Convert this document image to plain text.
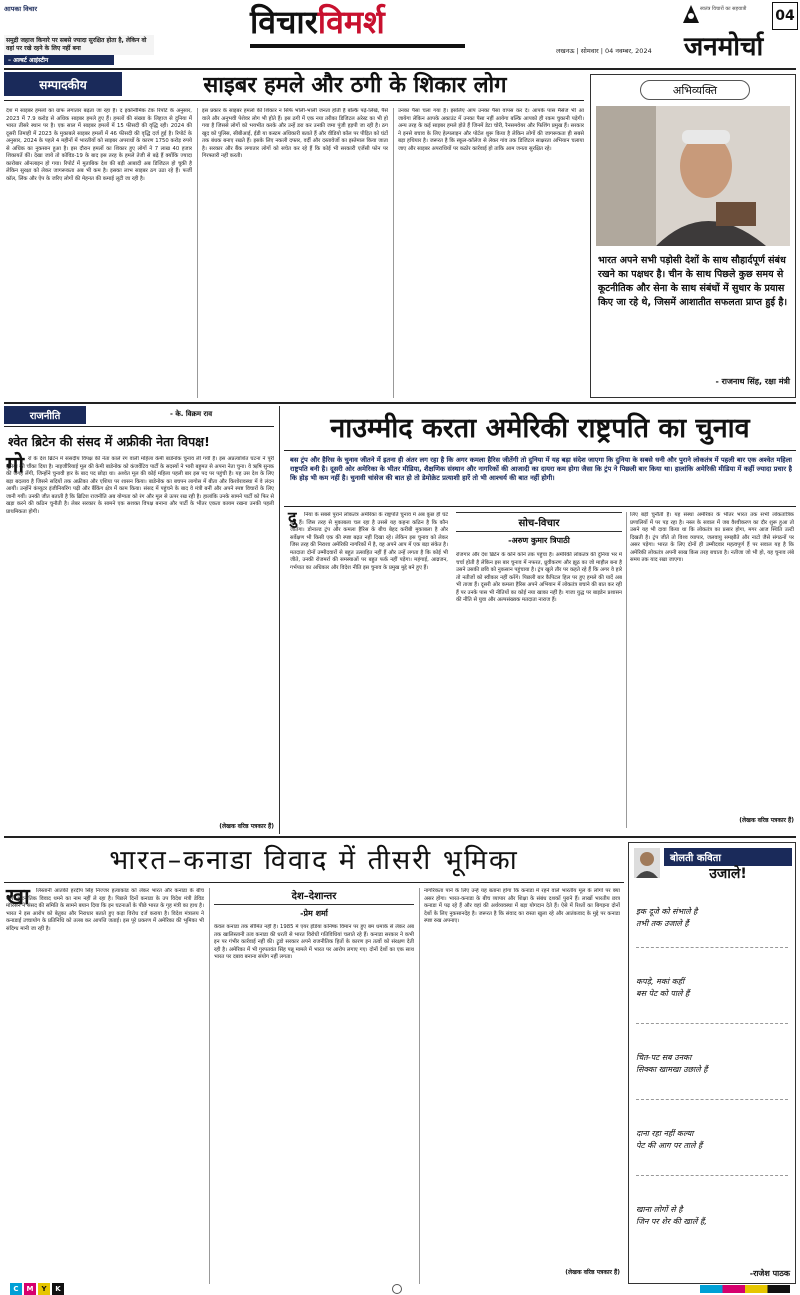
आपका विचार
समुद्री जहाज किनारे पर सबसे ज्यादा सुरक्षित होता है, लेकिन वो वहां पर रखे रहने के लिए नहीं बना
– अल्बर्ट आइंस्टीन
विचारविमर्श	स्वतंत्र विचारों का सहयात्री	04
लखनऊ | सोमवार | 04 नवम्बर, 2024	जनमोर्चा
सम्पादकीय	साइबर हमले और ठगी के शिकार लोग
देश में साइबर हमलों का ग्राफ लगातार बढ़ता जा रहा है। द इकोनॉमिक टेक रिपोर्ट के अनुसार, 2023 में 7.9 करोड़ से अधिक साइबर हमले हुए हैं। हमलों की संख्या के लिहाज से दुनिया में भारत तीसरे स्थान पर है। एक साल में साइबर हमलों में 15 फीसदी की वृद्धि रही। 2024 की दूसरी तिमाही में 2023 के मुकाबले साइबर हमलों में 46 फीसदी की वृद्धि दर्ज हुई है। रिपोर्ट के अनुसार, 2024 के पहले 4 महीनों में भारतीयों को साइबर अपराधों के कारण 1750 करोड़ रुपये से अधिक का नुकसान हुआ है। इस दौरान हमलों का शिकार हुए लोगों ने 7 लाख 40 हजार शिकायतें कीं। देखा जाये तो कोविड-19 के बाद इस तरह के हमले तेजी से बढ़े हैं क्योंकि ज्यादा कारोबार ऑनलाइन हो गया। रिपोर्ट में मुताबिक देश की बड़ी आबादी अब डिजिटल हो चुकी है लेकिन सुरक्षा को लेकर जागरूकता अब भी कम है। इसका लाभ साइबर ठग उठा रहे हैं। फर्जी कॉल, लिंक और ऐप के जरिए लोगों की मेहनत की कमाई लूटी जा रही है।
इस प्रकार के साइबर हमलों की शिकार न सिर्फ भोली-भाली जनता होती है बल्कि पढ़े-लिखे, पैसे वाले और अनुभवी पेशेवर लोग भी होते हैं। इस ठगी में एक नया तरीका डिजिटल अरेस्ट का भी हो गया है जिससे लोगों को भयभीत करके और उन्हें डरा कर उनकी जमा पूंजी हड़पी जा रही है। ठग खुद को पुलिस, सीबीआई, ईडी या कस्टम अधिकारी बताते हैं और वीडियो कॉल पर पीड़ित को घंटों तक बंधक बनाए रखते हैं। इसके लिए नकली दफ्तर, वर्दी और दस्तावेजों का इस्तेमाल किया जाता है। सरकार और बैंक लगातार लोगों को सचेत कर रहे हैं कि कोई भी सरकारी एजेंसी फोन पर गिरफ्तारी नहीं करती।
उनका पैसा चला गया है। इसलिए आप उनका पैसा वापस कर दें। आपके पास मैसेज भी आ जायेगा लेकिन आपके अकाउंट में उनका पैसा नहीं आयेगा बल्कि आपको ही रकम चुकानी पड़ेगी। अन्य तरह के कई साइबर हमले होते हैं जिनमें डेटा चोरी, रैनसमवेयर और फिशिंग प्रमुख हैं। सरकार ने इनसे बचाव के लिए हेल्पलाइन और पोर्टल शुरू किया है लेकिन लोगों की जागरूकता ही सबसे बड़ा हथियार है। जरूरत है कि स्कूल-कॉलेज से लेकर गांव तक डिजिटल साक्षरता अभियान चलाया जाए और साइबर अपराधियों पर कठोर कार्रवाई हो ताकि आम जनता सुरक्षित रहे।
अभिव्यक्ति
भारत अपने सभी पड़ोसी देशों के साथ सौहार्दपूर्ण संबंध रखने का पक्षधर है। चीन के साथ पिछले कुछ समय से कूटनीतिक और सेना के साथ संबंधों में सुधार के प्रयास किए जा रहे थे, जिसमें आशातीत सफलता प्राप्त हुई है।
- राजनाथ सिंह, रक्षा मंत्री
राजनीति	- के. विक्रम राव
श्वेत ब्रिटेन की संसद में अफ्रीकी नेता विपक्ष!
गो रों के देश ब्रिटेन में संसदीय विपक्ष की नेता काले रंग वाली महिला केमी बाडेनोक चुनाव ली गयी हैं। इस अप्रत्याशित घटना ने पूरी दुनिया को चौंका दिया है। नाइजीरियाई मूल की केमी बाडेनोक को कंजर्वेटिव पार्टी के सदस्यों ने भारी बहुमत से अपना नेता चुना। वे ऋषि सुनक की जगह लेंगी, जिन्होंने चुनावी हार के बाद पद छोड़ा था। अश्वेत मूल की कोई महिला पहली बार इस पद पर पहुंची है। यह उस देश के लिए बड़ा बदलाव है जिसने सदियों तक अफ्रीका और एशिया पर शासन किया। बाडेनोक का बचपन लागोस में बीता और किशोरावस्था में वे लंदन आयीं। उन्होंने कंप्यूटर इंजीनियरिंग पढ़ी और बैंकिंग क्षेत्र में काम किया। संसद में पहुंचने के बाद वे मंत्री बनीं और अपने स्पष्ट विचारों के लिए जानी गयीं। उनकी जीत बताती है कि ब्रिटिश राजनीति अब योग्यता को रंग और मूल से ऊपर रख रही है। हालांकि उनके सामने पार्टी को फिर से खड़ा करने की कठिन चुनौती है। लेबर सरकार के सामने एक सशक्त विपक्ष बनाना और पार्टी के भीतर एकता कायम रखना उनकी पहली प्राथमिकता होगी।
(लेखक वरिष्ठ पत्रकार हैं)
नाउम्मीद करता अमेरिकी राष्ट्रपति का चुनाव
बस ट्रंप और हैरिस के चुनाव जीतने में इतना ही अंतर लग रहा है कि अगर कमला हैरिस जीतेंगी तो दुनिया में यह बड़ा संदेश जाएगा कि दुनिया के सबसे धनी और पुराने लोकतंत्र में पहली बार एक अश्वेत महिला राष्ट्रपति बनी है। दूसरी ओर अमेरिका के भीतर मीडिया, शैक्षणिक संस्थान और नागरिकों की आजादी का दायरा कम होगा जैसा कि ट्रंप ने पिछली बार किया था। हालांकि अमेरिकी मीडिया में कहीं ज्यादा प्रचार है कि होड़ भी कम नहीं है। चुनावी चांसेज की बात हो तो डेमोक्रेट प्रत्याशी हारें तो भी आश्चर्य की बात नहीं होगी।
निया के सबसे पुराने लोकतंत्र अमेरिका के राष्ट्रपति चुनाव में अब कुछ ही घंटे बचे हैं। जिस तरह से मुकाबला चल रहा है उससे यह कहना कठिन है कि कौन जीतेगा। डोनाल्ड ट्रंप और कमला हैरिस के बीच बेहद करीबी मुकाबला है और सर्वेक्षण भी किसी एक की स्पष्ट बढ़त नहीं दिखा रहे। लेकिन इस चुनाव को लेकर जिस तरह की निराशा अमेरिकी नागरिकों में है, वह अपने आप में एक बड़ा संकेत है। मतदाता दोनों उम्मीदवारों से बहुत उत्साहित नहीं हैं और उन्हें लगता है कि कोई भी जीते, उनकी रोजमर्रा की समस्याओं पर बहुत फर्क नहीं पड़ेगा। महंगाई, आव्रजन, गर्भपात का अधिकार और विदेश नीति इस चुनाव के प्रमुख मुद्दे बने हुए हैं।
दु	सोच-विचार
-अरुण कुमार त्रिपाठी
रोजगार और देश ब्रिटेन के कोने कोने तक पहुंचा है। अमेरिकी लोकतंत्र की दुनिया भर में चर्चा होती है लेकिन इस बार चुनाव में नफरत, ध्रुवीकरण और झूठ का जो माहौल बना है उसने उसकी छवि को नुकसान पहुंचाया है। ट्रंप खुले तौर पर कहते रहे हैं कि अगर वे हारे तो नतीजों को स्वीकार नहीं करेंगे। पिछली बार कैपिटल हिल पर हुए हमले की यादें अब भी ताजा हैं। दूसरी ओर कमला हैरिस अपने अभियान में लोकतंत्र बचाने की बात कर रही हैं पर उनके पास भी नीतियों का कोई नया खाका नहीं है। गाजा युद्ध पर बाइडेन प्रशासन की नीति से युवा और अल्पसंख्यक मतदाता नाराज हैं।
लिए बड़ी चुनौती है। यह संस्था अमेरिका के भीतर भारत तक सभी लोकतांत्रिक प्रणालियों में पर पड़ रहा है। नस्ल के सवाल में जब वैश्वीकरण का दौर शुरू हुआ तो उसने यह भी दावा किया था कि लोकतंत्र का प्रसार होगा, मगर आज स्थिति उल्टी दिखती है। ट्रंप जीते तो विश्व व्यापार, जलवायु समझौते और नाटो जैसे संगठनों पर असर पड़ेगा। भारत के लिए दोनों ही उम्मीदवार महत्वपूर्ण हैं पर सवाल यह है कि अमेरिकी लोकतंत्र अपनी साख किस तरह बचाता है। नतीजा जो भी हो, यह चुनाव लंबे समय तक याद रखा जाएगा।
(लेखक वरिष्ठ पत्रकार हैं)
भारत–कनाडा विवाद में तीसरी भूमिका
खा	लिस्तानी आतंकी हरदीप सिंह निज्जर हत्याकांड को लेकर भारत और कनाडा के बीच जारी कूटनीतिक विवाद थमने का नाम नहीं ले रहा है। पिछले दिनों कनाडा के उप विदेश मंत्री डेविड मॉरिसन ने संसद की समिति के सामने बयान दिया कि इन घटनाओं के पीछे भारत के गृह मंत्री का हाथ है। भारत ने इस आरोप को बेतुका और निराधार बताते हुए कड़ा विरोध दर्ज कराया है। विदेश मंत्रालय ने कनाडाई उच्चायोग के प्रतिनिधि को तलब कर आपत्ति जताई। इस पूरे प्रकरण में अमेरिका की भूमिका भी संदिग्ध मानी जा रही है।
देश–देशान्तर
-प्रेम शर्मा
केवल कनाडा तक सीमित नहीं है। 1985 में एयर इंडिया कनिष्क विमान पर हुए बम धमाके से लेकर अब तक खालिस्तानी तत्व कनाडा की धरती से भारत विरोधी गतिविधियां चलाते रहे हैं। कनाडा सरकार ने कभी इन पर गंभीर कार्रवाई नहीं की। ट्रूडो सरकार अपने राजनीतिक हितों के कारण इन तत्वों को संरक्षण देती रही है। अमेरिका में भी गुरपतवंत सिंह पन्नू मामले में भारत पर आरोप लगाए गए। दोनों देशों का एक साथ भारत पर दबाव बनाना संयोग नहीं लगता।
नागरिकता पाने के लिए उन्हें यह बताना होगा कि कनाडा में रहने वाले भारतीय मूल के लोगों पर क्या असर होगा। भारत-कनाडा के बीच व्यापार और शिक्षा के संबंध दशकों पुराने हैं। लाखों भारतीय छात्र कनाडा में पढ़ रहे हैं और वहां की अर्थव्यवस्था में बड़ा योगदान देते हैं। ऐसे में रिश्तों का बिगड़ना दोनों देशों के लिए नुकसानदेह है। जरूरत है कि संवाद का रास्ता खुला रहे और आतंकवाद के मुद्दे पर कनाडा स्पष्ट रुख अपनाए।
(लेखक वरिष्ठ पत्रकार हैं)
बोलती कविता
उजाले!
इक दूजे को संभाले है
तभी तक उजाले हैं
कपड़े, मकां कहीं
बस पेट को पाले हैं
चित-पट सब उनका
सिक्का खामखा उछाले हैं
दाना रहा नहीं कल्या
पेट की आग पर ताले हैं
खाना लोगों से है
जिन पर शेर की खालें हैं,
-राजेश पाठक
C	M	Y	K
